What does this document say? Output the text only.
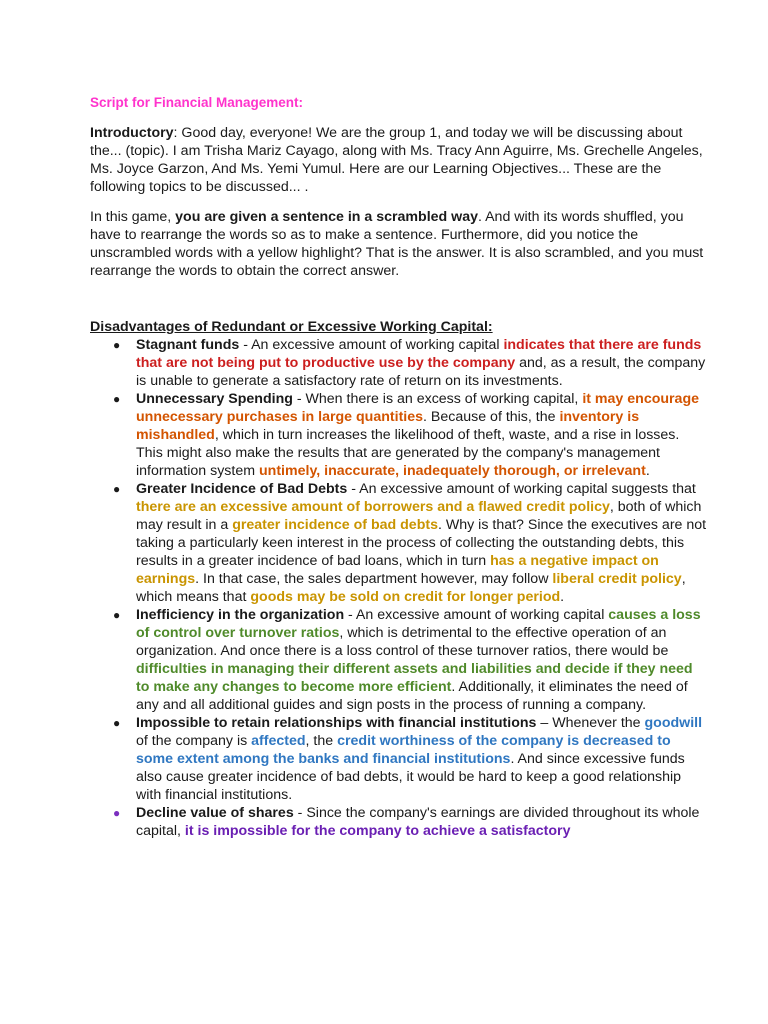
Script for Financial Management:

Introductory: Good day, everyone! We are the group 1, and today we will be discussing about the... (topic). I am Trisha Mariz Cayago, along with Ms. Tracy Ann Aguirre, Ms. Grechelle Angeles, Ms. Joyce Garzon, And Ms. Yemi Yumul. Here are our Learning Objectives... These are the following topics to be discussed... .

In this game, you are given a sentence in a scrambled way. And with its words shuffled, you have to rearrange the words so as to make a sentence. Furthermore, did you notice the unscrambled words with a yellow highlight? That is the answer. It is also scrambled, and you must rearrange the words to obtain the correct answer.

Disadvantages of Redundant or Excessive Working Capital:
● Stagnant funds - An excessive amount of working capital indicates that there are funds that are not being put to productive use by the company and, as a result, the company is unable to generate a satisfactory rate of return on its investments.
● Unnecessary Spending - When there is an excess of working capital, it may encourage unnecessary purchases in large quantities. Because of this, the inventory is mishandled, which in turn increases the likelihood of theft, waste, and a rise in losses. This might also make the results that are generated by the company's management information system untimely, inaccurate, inadequately thorough, or irrelevant.
● Greater Incidence of Bad Debts - An excessive amount of working capital suggests that there are an excessive amount of borrowers and a flawed credit policy, both of which may result in a greater incidence of bad debts. Why is that? Since the executives are not taking a particularly keen interest in the process of collecting the outstanding debts, this results in a greater incidence of bad loans, which in turn has a negative impact on earnings. In that case, the sales department however, may follow liberal credit policy, which means that goods may be sold on credit for longer period.
● Inefficiency in the organization - An excessive amount of working capital causes a loss of control over turnover ratios, which is detrimental to the effective operation of an organization. And once there is a loss control of these turnover ratios, there would be difficulties in managing their different assets and liabilities and decide if they need to make any changes to become more efficient. Additionally, it eliminates the need of any and all additional guides and sign posts in the process of running a company.
● Impossible to retain relationships with financial institutions – Whenever the goodwill of the company is affected, the credit worthiness of the company is decreased to some extent among the banks and financial institutions. And since excessive funds also cause greater incidence of bad debts, it would be hard to keep a good relationship with financial institutions.
● Decline value of shares - Since the company's earnings are divided throughout its whole capital, it is impossible for the company to achieve a satisfactory
